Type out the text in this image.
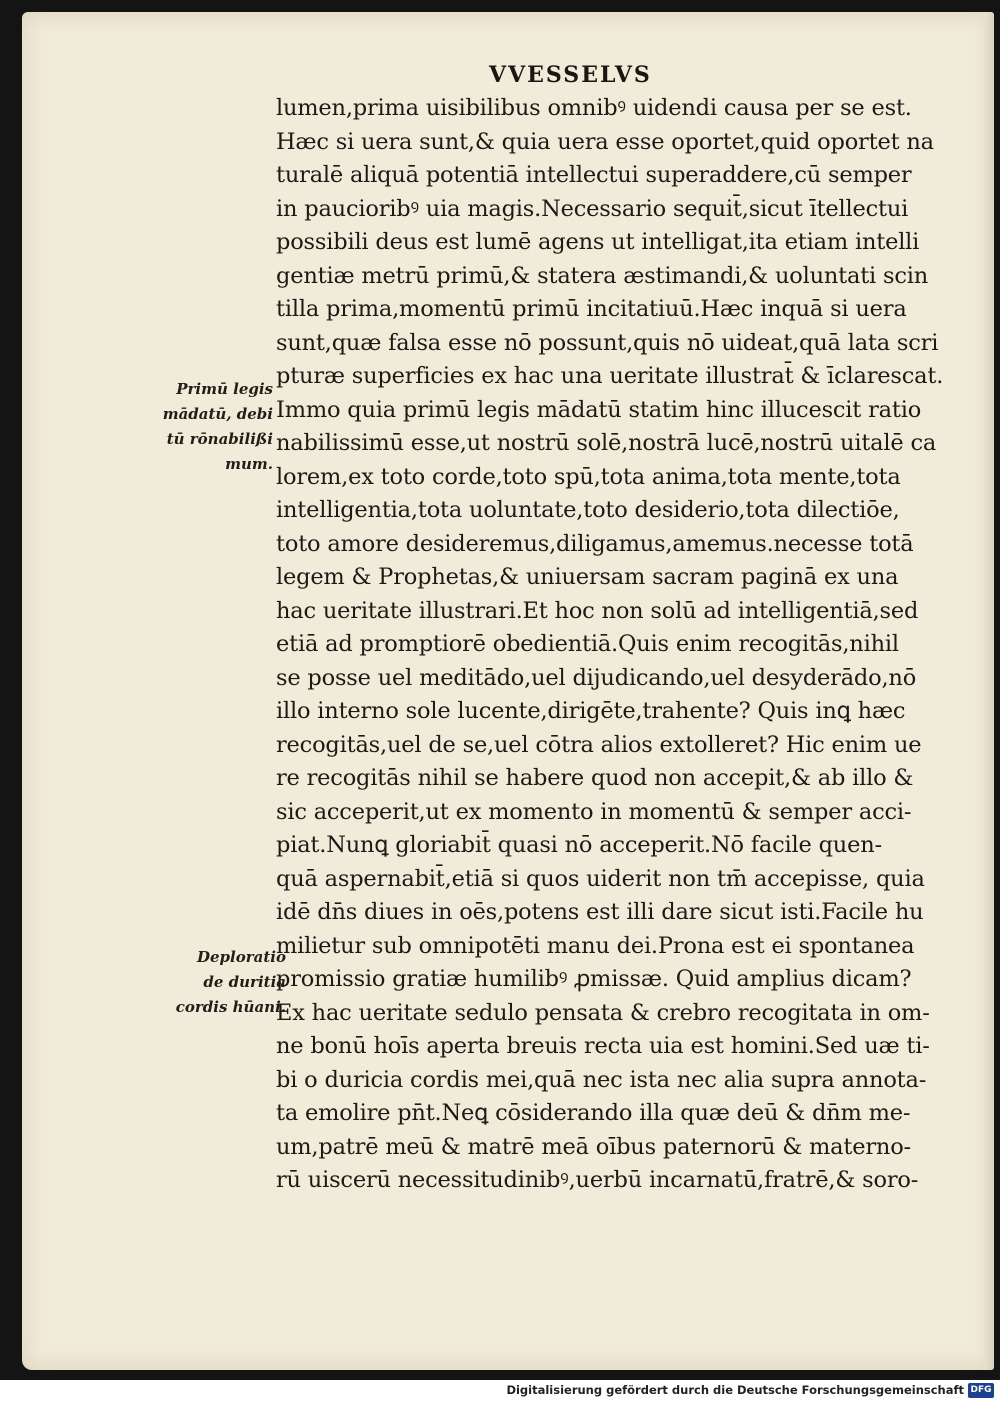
VVESSELVS
lumen,prima uisibilibus omnibꝰ uidendi causa per se est.
Hæc si uera sunt,& quia uera esse oportet,quid oportet na
turalē aliquā potentiā intellectui superaddere,cū semper
in paucioribꝰ uia magis.Necessario sequit̄,sicut ītellectui
possibili deus est lumē agens ut intelligat,ita etiam intelli
gentiæ metrū primū,& statera æstimandi,& uoluntati scin
tilla prima,momentū primū incitatiuū.Hæc inquā si uera
sunt,quæ falsa esse nō possunt,quis nō uideat,quā lata scri
pturæ superficies ex hac una ueritate illustrat̄ & īclarescat.
Immo quia primū legis mādatū statim hinc illucescit ratio
nabilissimū esse,ut nostrū solē,nostrā lucē,nostrū uitalē ca
lorem,ex toto corde,toto spū,tota anima,tota mente,tota
intelligentia,tota uoluntate,toto desiderio,tota dilectiōe,
toto amore desideremus,diligamus,amemus.necesse totā
legem & Prophetas,& uniuersam sacram paginā ex una
hac ueritate illustrari.Et hoc non solū ad intelligentiā,sed
etiā ad promptiorē obedientiā.Quis enim recogitās,nihil
se posse uel meditādo,uel dijudicando,uel desyderādo,nō
illo interno sole lucente,dirigēte,trahente? Quis inꝗ hæc
recogitās,uel de se,uel cōtra alios extolleret? Hic enim ue
re recogitās nihil se habere quod non accepit,& ab illo &
sic acceperit,ut ex momento in momentū & semper acci-
piat.Nunꝗ gloriabit̄ quasi nō acceperit.Nō facile quen-
quā aspernabit̄,etiā si quos uiderit non tm̄ accepisse, quia
idē dn̄s diues in oēs,potens est illi dare sicut isti.Facile hu
milietur sub omnipotēti manu dei.Prona est ei spontanea
promissio gratiæ humilibꝰ ꝓmissæ. Quid amplius dicam?
Ex hac ueritate sedulo pensata & crebro recogitata in om-
ne bonū hoīs aperta breuis recta uia est homini.Sed uæ ti-
bi o duricia cordis mei,quā nec ista nec alia supra annota-
ta emolire pn̄t.Neꝗ cōsiderando illa quæ deū & dn̄m me-
um,patrē meū & matrē meā oībus paternorū & materno-
rū uiscerū necessitudinibꝰ,uerbū incarnatū,fratrē,& soro-
Primū legis
mādatū, debi
tū rōnabilißi
mum.
Deploratio
de duritia
cordis hūani.
Digitalisierung gefördert durch die Deutsche Forschungsgemeinschaft DFG
